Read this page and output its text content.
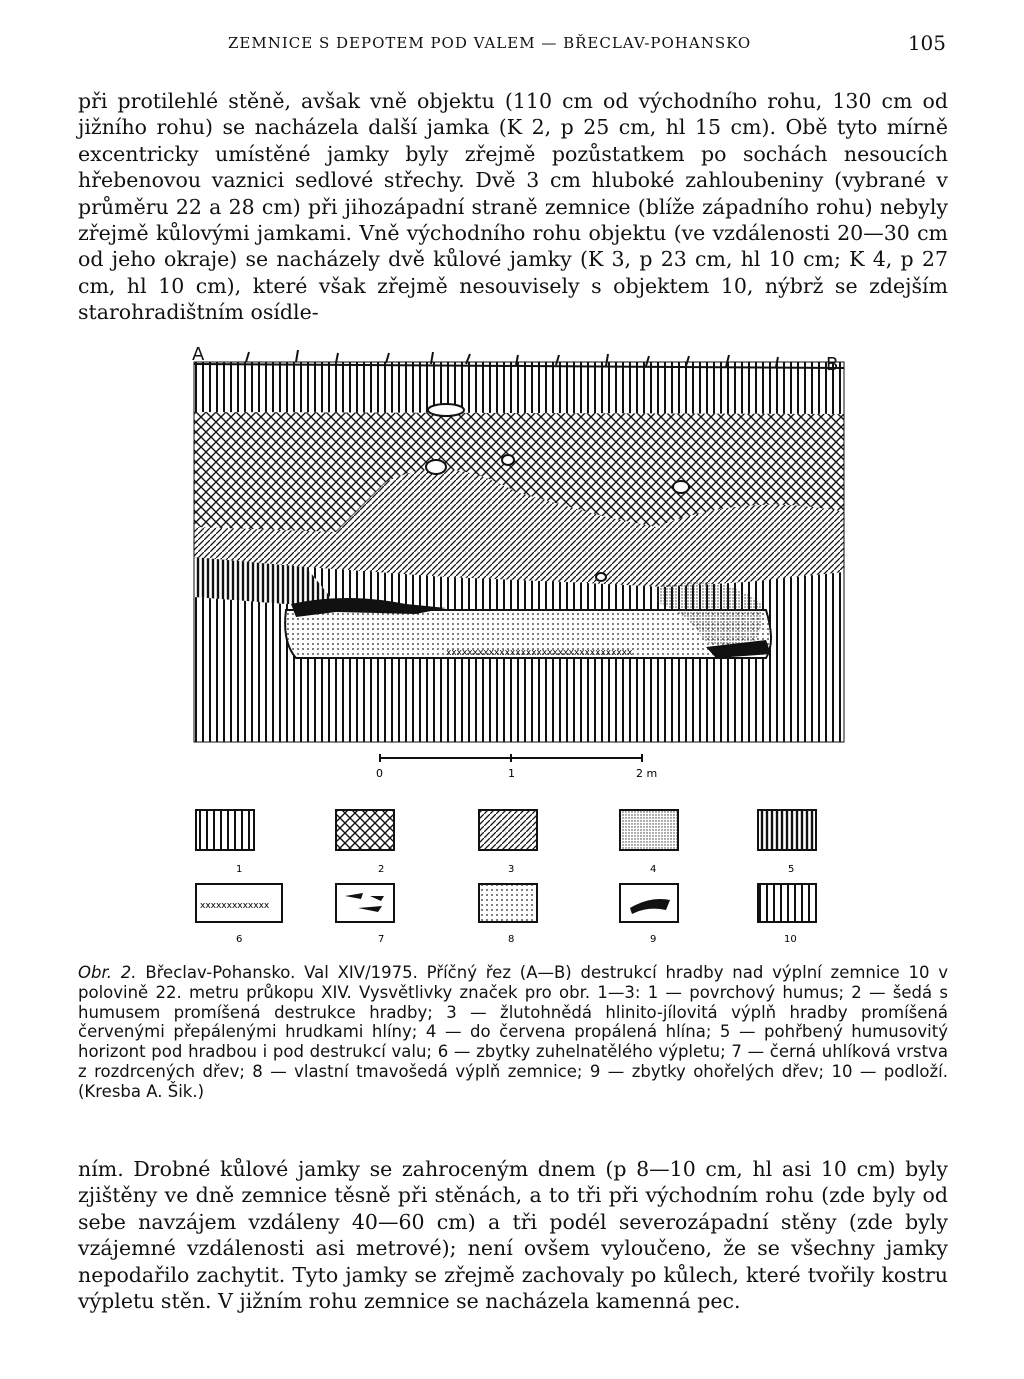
ZEMNICE S DEPOTEM POD VALEM — BŘECLAV-POHANSKO	105

při protilehlé stěně, avšak vně objektu (110 cm od východního rohu, 130 cm od jižního rohu) se nacházela další jamka (K 2, p 25 cm, hl 15 cm). Obě tyto mírně excentricky umístěné jamky byly zřejmě pozůstatkem po sochách nesoucích hřebenovou vaznici sedlové střechy. Dvě 3 cm hluboké zahloubeniny (vybrané v průměru 22 a 28 cm) při jihozápadní straně zemnice (blíže západního rohu) nebyly zřejmě kůlovými jamkami. Vně východního rohu objektu (ve vzdálenosti 20—30 cm od jeho okraje) se nacházely dvě kůlové jamky (K 3, p 23 cm, hl 10 cm; K 4, p 27 cm, hl 10 cm), které však zřejmě nesouvisely s objektem 10, nýbrž se zdejším starohradištním osídle-

xxxxxxxxxxxxxxxxxxxxxxxxxxxxxxxxxxx
A	B
0	1	2 m
1	2	3	4	5
xxxxxxxxxxxxx
6	7	8	9	10

Obr. 2. Břeclav-Pohansko. Val XIV/1975. Příčný řez (A—B) destrukcí hradby nad výplní zemnice 10 v polovině 22. metru průkopu XIV. Vysvětlivky značek pro obr. 1—3: 1 — povrchový humus; 2 — šedá s humusem promíšená destrukce hradby; 3 — žlutohnědá hlinito-jílovitá výplň hradby promíšená červenými přepálenými hrudkami hlíny; 4 — do červena propálená hlína; 5 — pohřbený humusovitý horizont pod hradbou i pod destrukcí valu; 6 — zbytky zuhelnatělého výpletu; 7 — černá uhlíková vrstva z rozdrcených dřev; 8 — vlastní tmavošedá výplň zemnice; 9 — zbytky ohořelých dřev; 10 — podloží. (Kresba A. Šik.)

ním. Drobné kůlové jamky se zahroceným dnem (p 8—10 cm, hl asi 10 cm) byly zjištěny ve dně zemnice těsně při stěnách, a to tři při východním rohu (zde byly od sebe navzájem vzdáleny 40—60 cm) a tři podél severozápadní stěny (zde byly vzájemné vzdálenosti asi metrové); není ovšem vyloučeno, že se všechny jamky nepodařilo zachytit. Tyto jamky se zřejmě zachovaly po kůlech, které tvořily kostru výpletu stěn. V jižním rohu zemnice se nacházela kamenná pec.
